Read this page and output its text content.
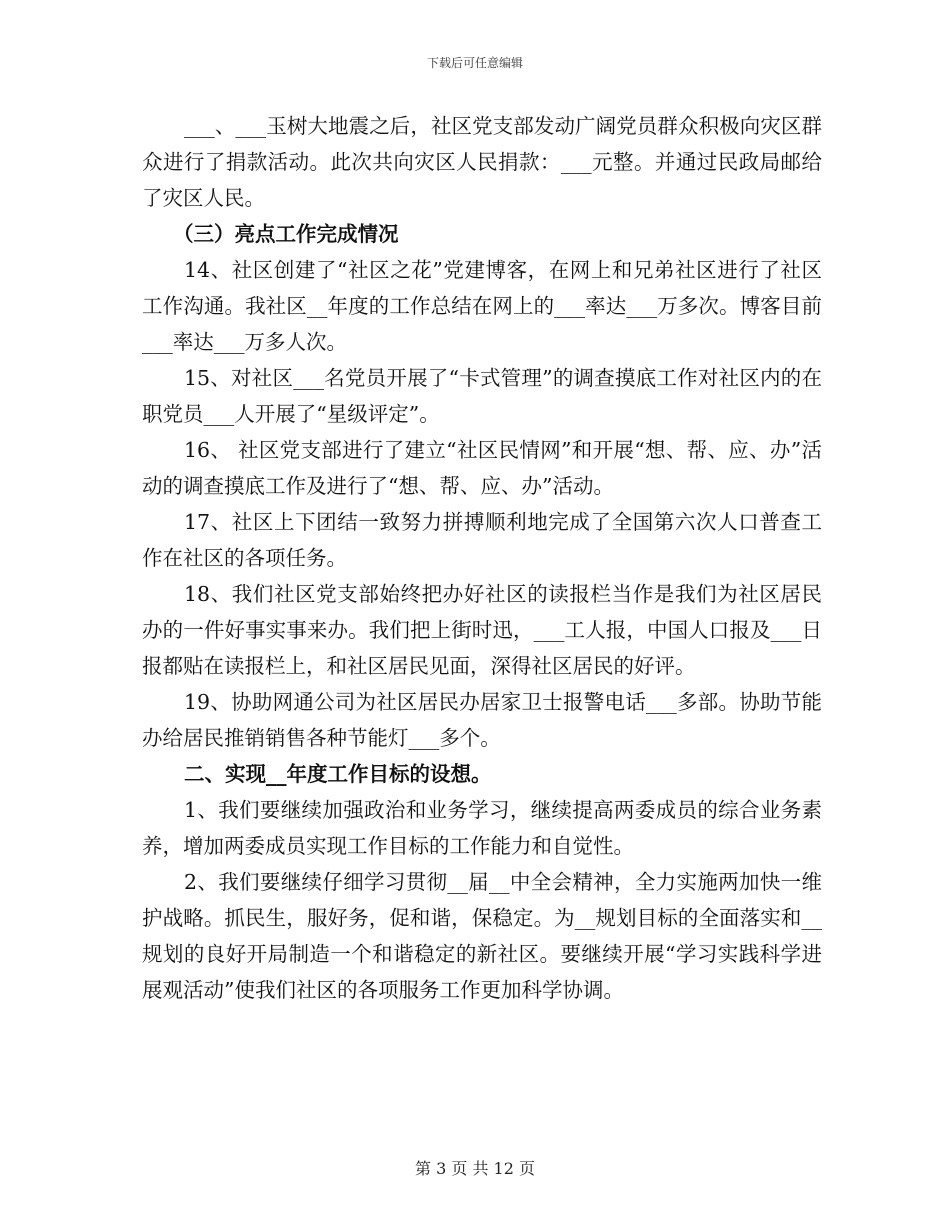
下载后可任意编辑

___、___玉树大地震之后，社区党支部发动广阔党员群众积极向灾区群众进行了捐款活动。此次共向灾区人民捐款：___元整。并通过民政局邮给了灾区人民。

（三）亮点工作完成情况

14、社区创建了“社区之花”党建博客，在网上和兄弟社区进行了社区工作沟通。我社区__年度的工作总结在网上的___率达___万多次。博客目前___率达___万多人次。

15、对社区___名党员开展了“卡式管理”的调查摸底工作对社区内的在职党员___人开展了“星级评定”。

16、 社区党支部进行了建立“社区民情网”和开展“想、帮、应、办”活动的调查摸底工作及进行了“想、帮、应、办”活动。

17、社区上下团结一致努力拼搏顺利地完成了全国第六次人口普查工作在社区的各项任务。

18、我们社区党支部始终把办好社区的读报栏当作是我们为社区居民办的一件好事实事来办。我们把上街时迅，___工人报，中国人口报及___日报都贴在读报栏上，和社区居民见面，深得社区居民的好评。

19、协助网通公司为社区居民办居家卫士报警电话___多部。协助节能办给居民推销销售各种节能灯___多个。

二、实现__年度工作目标的设想。

1、我们要继续加强政治和业务学习，继续提高两委成员的综合业务素养，增加两委成员实现工作目标的工作能力和自觉性。

2、我们要继续仔细学习贯彻__届__中全会精神，全力实施两加快一维护战略。抓民生，服好务，促和谐，保稳定。为__规划目标的全面落实和__规划的良好开局制造一个和谐稳定的新社区。要继续开展“学习实践科学进展观活动”使我们社区的各项服务工作更加科学协调。

第 3 页 共 12 页
